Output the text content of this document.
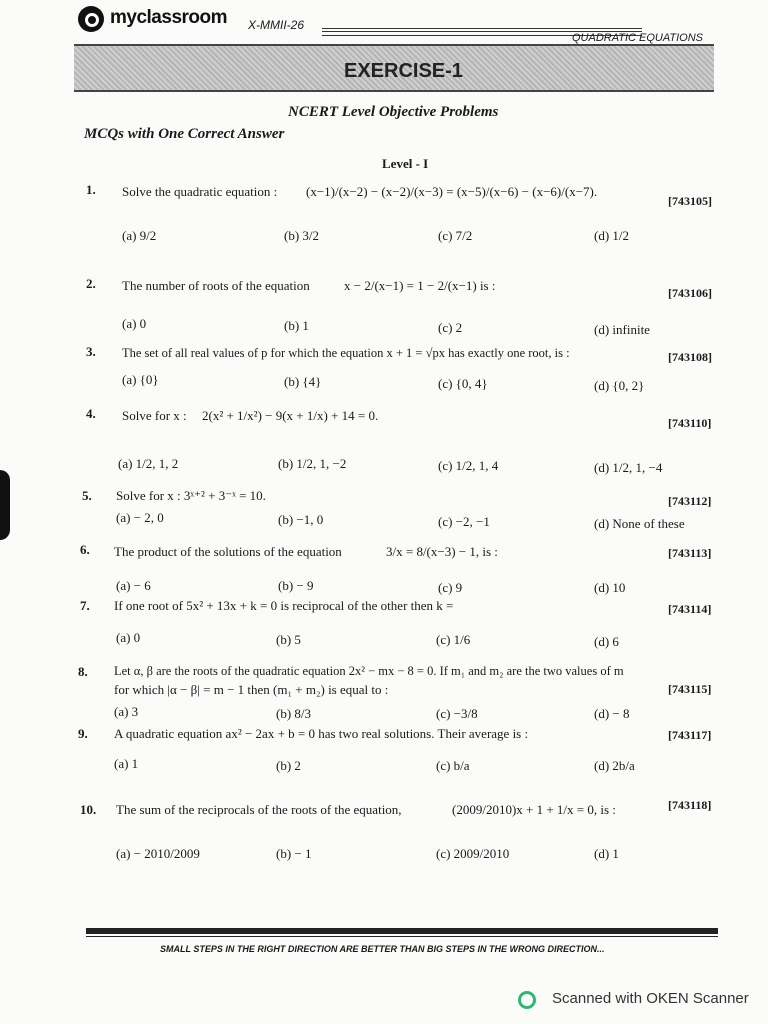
myclassroom X-MMII-26
QUADRATIC EQUATIONS
EXERCISE-1
NCERT Level Objective Problems
MCQs with One Correct Answer
Level - I
1. Solve the quadratic equation : (x−1)/(x−2) − (x−2)/(x−3) = (x−5)/(x−6) − (x−6)/(x−7).
[743105]
(a) 9/2	(b) 3/2	(c) 7/2	(d) 1/2
2. The number of roots of the equation	x − 2/(x−1) = 1 − 2/(x−1) is :	[743106]
(a) 0	(b) 1	(c) 2	(d) infinite
3. The set of all real values of p for which the equation x + 1 = √px has exactly one root, is :	[743108]
(a) {0}	(b) {4}	(c) {0, 4}	(d) {0, 2}
4. Solve for x : 2(x² + 1/x²) − 9(x + 1/x) + 14 = 0.	[743110]
(a) 1/2, 1, 2	(b) 1/2, 1, −2	(c) 1/2, 1, 4	(d) 1/2, 1, −4
5. Solve for x : 3ˣ⁺² + 3⁻ˣ = 10.	[743112]
(a) − 2, 0	(b) −1, 0	(c) −2, −1	(d) None of these
6. The product of the solutions of the equation	3/x = 8/(x−3) − 1, is :	[743113]
(a) − 6	(b) − 9	(c) 9	(d) 10
7. If one root of 5x² + 13x + k = 0 is reciprocal of the other then k =	[743114]
(a) 0	(b) 5	(c) 1/6	(d) 6
8. Let α, β are the roots of the quadratic equation 2x² − mx − 8 = 0. If m₁ and m₂ are the two values of m
for which |α − β| = m − 1 then (m₁ + m₂) is equal to :	[743115]
(a) 3	(b) 8/3	(c) −3/8	(d) − 8
9. A quadratic equation ax² − 2ax + b = 0 has two real solutions. Their average is :	[743117]
(a) 1	(b) 2	(c) b/a	(d) 2b/a
10. The sum of the reciprocals of the roots of the equation,	(2009/2010)x + 1 + 1/x = 0, is :	[743118]
(a) − 2010/2009	(b) − 1	(c) 2009/2010	(d) 1
SMALL STEPS IN THE RIGHT DIRECTION ARE BETTER THAN BIG STEPS IN THE WRONG DIRECTION...
Scanned with OKEN Scanner
